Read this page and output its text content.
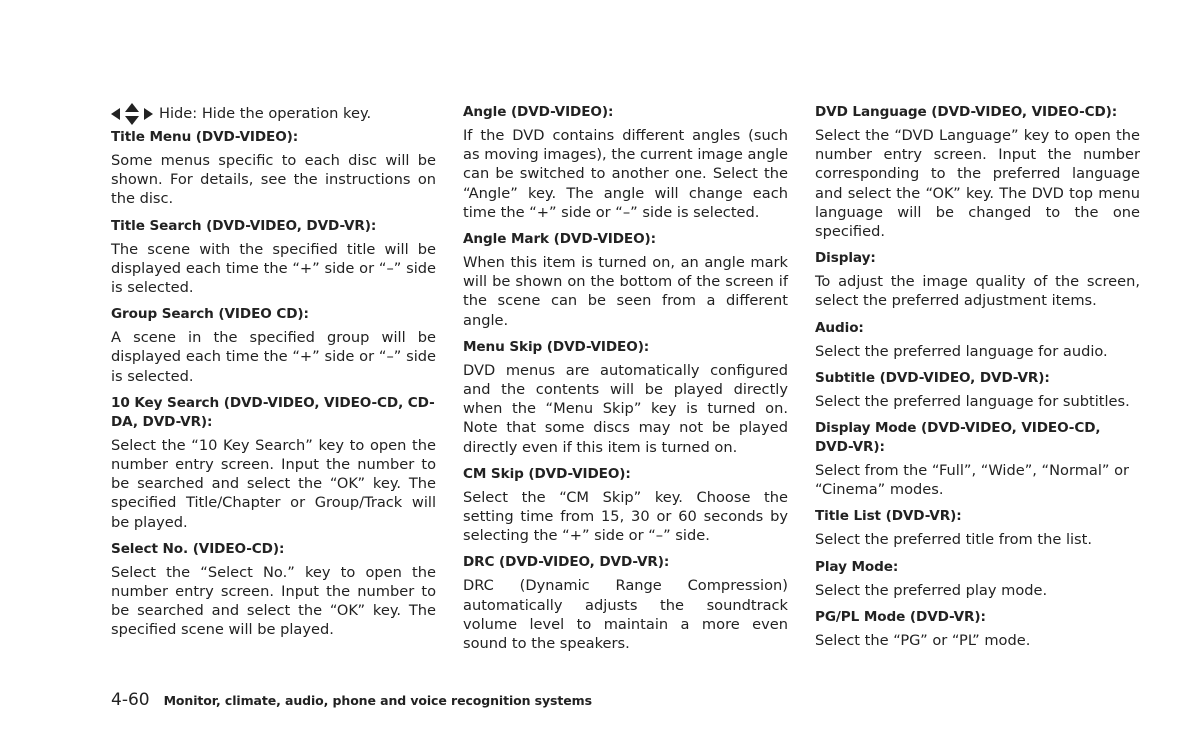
Hide: Hide the operation key.
Title Menu (DVD-VIDEO):
Some menus specific to each disc will be shown. For details, see the instructions on the disc.
Title Search (DVD-VIDEO, DVD-VR):
The scene with the specified title will be displayed each time the “+” side or “–” side is selected.
Group Search (VIDEO CD):
A scene in the specified group will be displayed each time the “+” side or “–” side is selected.
10 Key Search (DVD-VIDEO, VIDEO-CD, CD-DA, DVD-VR):
Select the “10 Key Search” key to open the number entry screen. Input the number to be searched and select the “OK” key. The specified Title/Chapter or Group/Track will be played.
Select No. (VIDEO-CD):
Select the “Select No.” key to open the number entry screen. Input the number to be searched and select the “OK” key. The specified scene will be played.
Angle (DVD-VIDEO):
If the DVD contains different angles (such as moving images), the current image angle can be switched to another one. Select the “Angle” key. The angle will change each time the “+” side or “–” side is selected.
Angle Mark (DVD-VIDEO):
When this item is turned on, an angle mark will be shown on the bottom of the screen if the scene can be seen from a different angle.
Menu Skip (DVD-VIDEO):
DVD menus are automatically configured and the contents will be played directly when the “Menu Skip” key is turned on. Note that some discs may not be played directly even if this item is turned on.
CM Skip (DVD-VIDEO):
Select the “CM Skip” key. Choose the setting time from 15, 30 or 60 seconds by selecting the “+” side or “–” side.
DRC (DVD-VIDEO, DVD-VR):
DRC (Dynamic Range Compression) automatically adjusts the soundtrack volume level to maintain a more even sound to the speakers.
DVD Language (DVD-VIDEO, VIDEO-CD):
Select the “DVD Language” key to open the number entry screen. Input the number corresponding to the preferred language and select the “OK” key. The DVD top menu language will be changed to the one specified.
Display:
To adjust the image quality of the screen, select the preferred adjustment items.
Audio:
Select the preferred language for audio.
Subtitle (DVD-VIDEO, DVD-VR):
Select the preferred language for subtitles.
Display Mode (DVD-VIDEO, VIDEO-CD, DVD-VR):
Select from the “Full”, “Wide”, “Normal” or “Cinema” modes.
Title List (DVD-VR):
Select the preferred title from the list.
Play Mode:
Select the preferred play mode.
PG/PL Mode (DVD-VR):
Select the “PG” or “PL” mode.
4-60 Monitor, climate, audio, phone and voice recognition systems
